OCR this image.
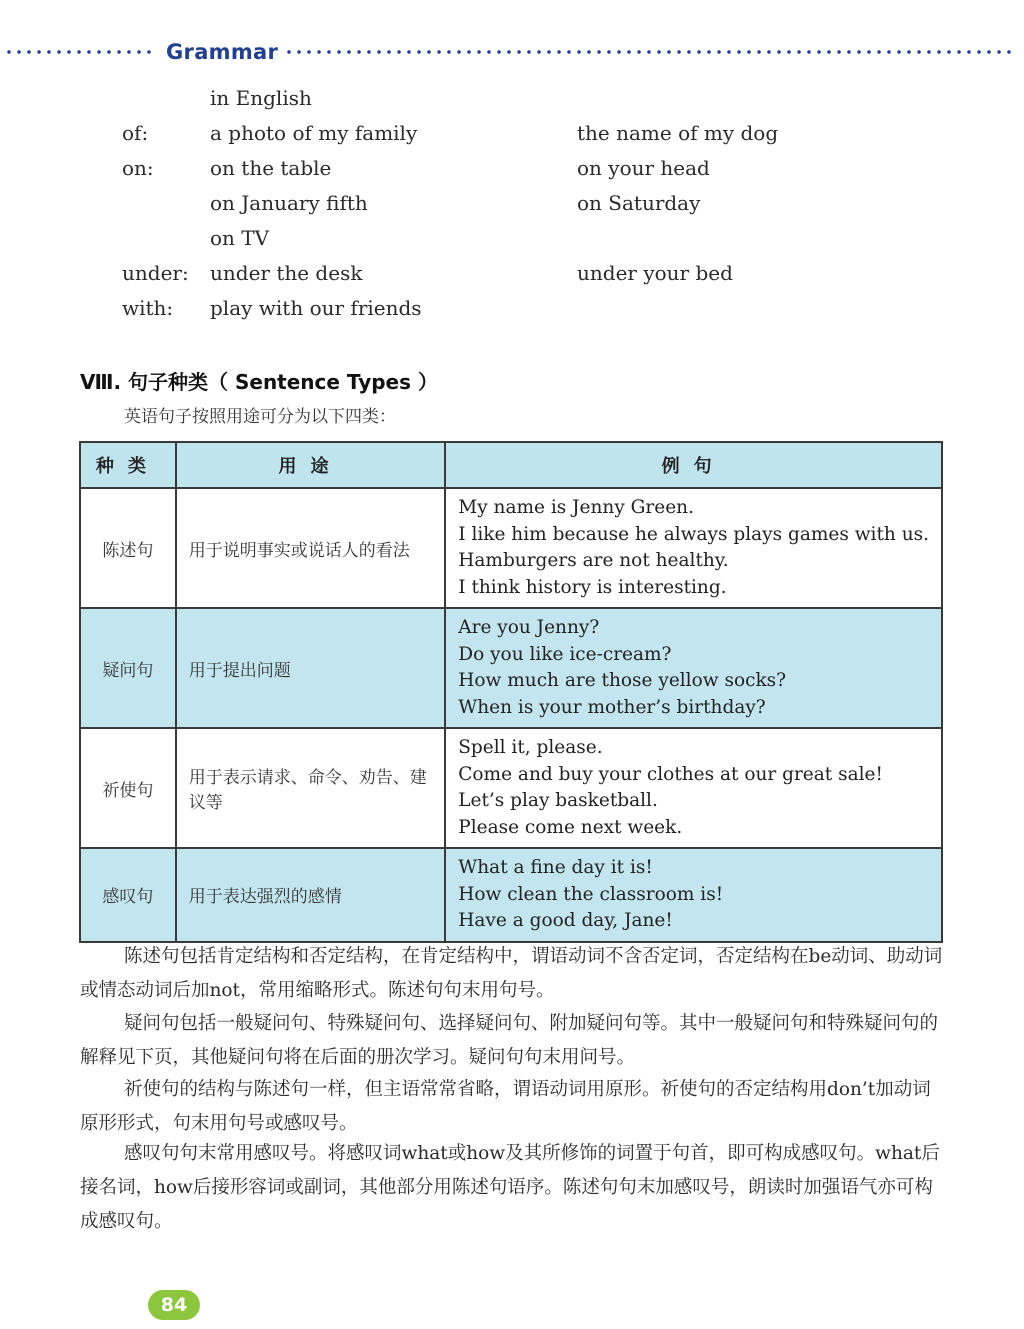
Grammar
in English
of:	a photo of my family	the name of my dog
on:	on the table	on your head
on January fifth	on Saturday
on TV
under: under the desk	under your bed
with: play with our friends
Ⅷ. 句子种类（ Sentence Types ）
英语句子按照用途可分为以下四类：
种类	用途	例句
陈述句	用于说明事实或说话人的看法	My name is Jenny Green.
I like him because he always plays games with us.
Hamburgers are not healthy.
I think history is interesting.

疑问句	用于提出问题	Are you Jenny?
Do you like ice-cream?
How much are those yellow socks?
When is your mother’s birthday?

祈使句	用于表示请求、命令、劝告、建议等	Spell it, please.
Come and buy your clothes at our great sale!
Let’s play basketball.
Please come next week.

感叹句	用于表达强烈的感情	What a fine day it is!
How clean the classroom is!
Have a good day, Jane!
陈述句包括肯定结构和否定结构，在肯定结构中，谓语动词不含否定词，否定结构在be动词、助动词或情态动词后加not，常用缩略形式。陈述句句末用句号。
疑问句包括一般疑问句、特殊疑问句、选择疑问句、附加疑问句等。其中一般疑问句和特殊疑问句的解释见下页，其他疑问句将在后面的册次学习。疑问句句末用问号。
祈使句的结构与陈述句一样，但主语常常省略，谓语动词用原形。祈使句的否定结构用don’t加动词原形形式，句末用句号或感叹号。
感叹句句末常用感叹号。将感叹词what或how及其所修饰的词置于句首，即可构成感叹句。what后接名词，how后接形容词或副词，其他部分用陈述句语序。陈述句句末加感叹号，朗读时加强语气亦可构成感叹句。
84
